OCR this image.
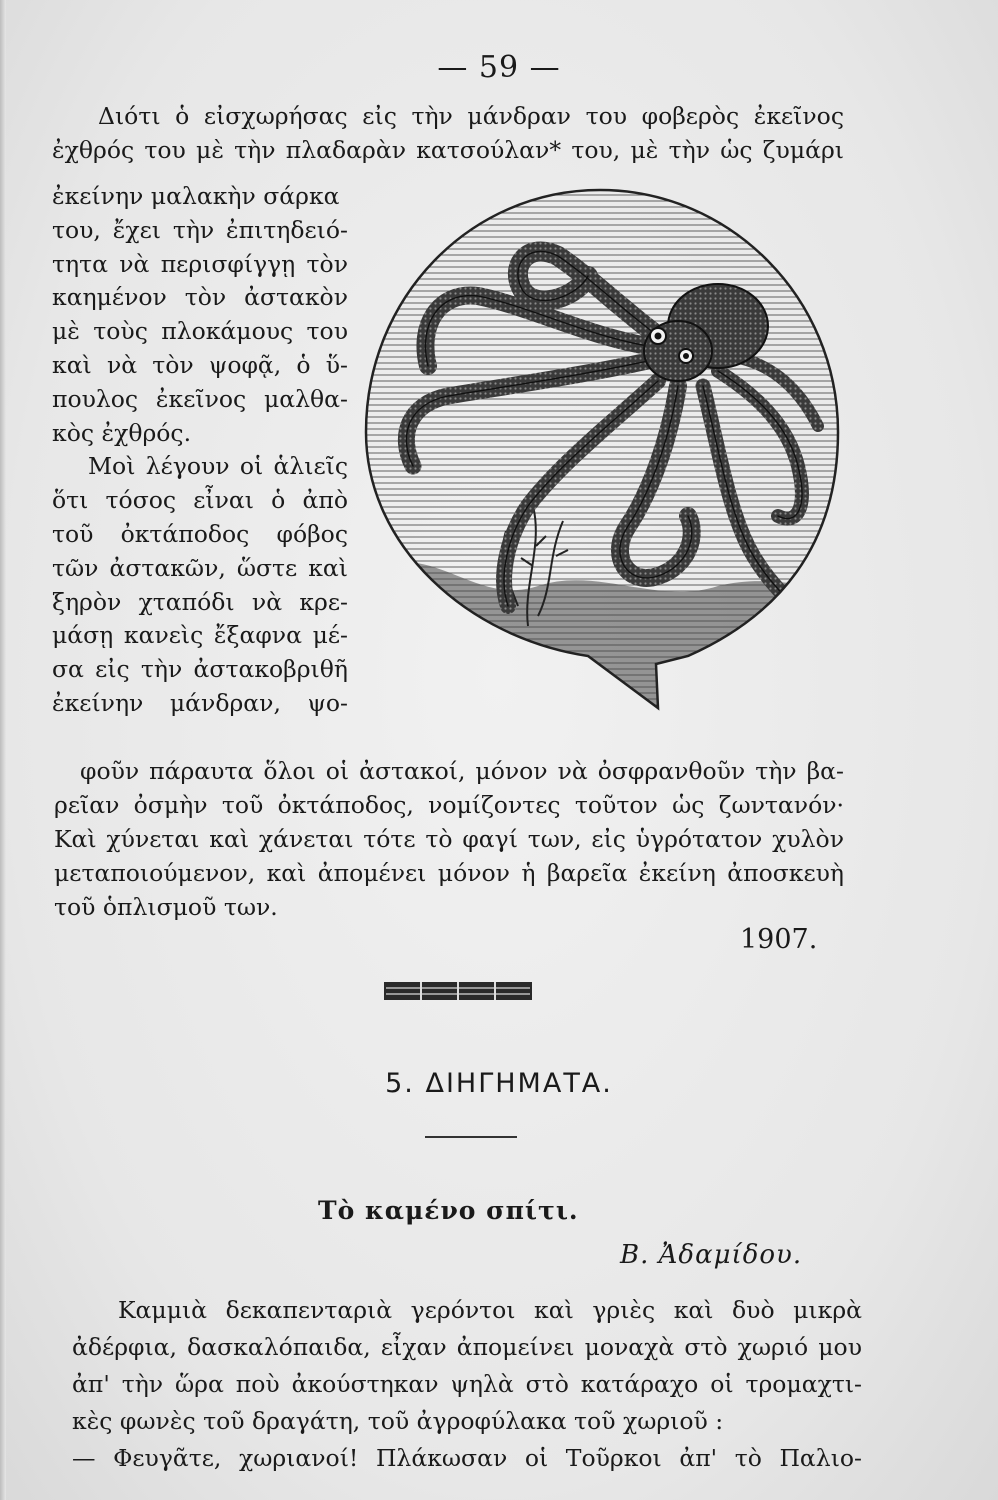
— 59 —
Διότι ὁ εἰσχωρήσας εἰς τὴν μάνδραν του φοβερὸς ἐκεῖνος
ἐχθρός του μὲ τὴν πλαδαρὰν κατσούλαν* του, μὲ τὴν ὡς ζυμάρι
ἐκείνην μαλακὴν σάρκα
του, ἔχει τὴν ἐπιτηδειό-
τητα νὰ περισφίγγῃ τὸν
καημένον τὸν ἀστακὸν
μὲ τοὺς πλοκάμους του
καὶ νὰ τὸν ψοφᾷ, ὁ ὕ-
πουλος ἐκεῖνος μαλθα-
κὸς ἐχθρός.
Μοὶ λέγουν οἱ ἁλιεῖς
ὅτι τόσος εἶναι ὁ ἀπὸ
τοῦ ὀκτάποδος φόβος
τῶν ἀστακῶν, ὥστε καὶ
ξηρὸν χταπόδι νὰ κρε-
μάσῃ κανεὶς ἔξαφνα μέ-
σα εἰς τὴν ἀστακοβριθῆ
ἐκείνην μάνδραν, ψο-
φοῦν πάραυτα ὅλοι οἱ ἀστακοί, μόνον νὰ ὀσφρανθοῦν τὴν βα-
ρεῖαν ὀσμὴν τοῦ ὀκτάποδος, νομίζοντες τοῦτον ὡς ζωντανόν·
Καὶ χύνεται καὶ χάνεται τότε τὸ φαγί των, εἰς ὑγρότατον χυλὸν
μεταποιούμενον, καὶ ἀπομένει μόνον ἡ βαρεῖα ἐκείνη ἀποσκευὴ
τοῦ ὁπλισμοῦ των.
1907.
5. ΔΙΗΓΗΜΑΤΑ.
Τὸ καμένο σπίτι.
Β. Ἀδαμίδου.
Καμμιὰ δεκαπενταριὰ γερόντοι καὶ γριὲς καὶ δυὸ μικρὰ
ἀδέρφια, δασκαλόπαιδα, εἶχαν ἀπομείνει μοναχὰ στὸ χωριό μου
ἀπ' τὴν ὥρα ποὺ ἀκούστηκαν ψηλὰ στὸ κατάραχο οἱ τρομαχτι-
κὲς φωνὲς τοῦ δραγάτη, τοῦ ἀγροφύλακα τοῦ χωριοῦ :
— Φευγᾶτε, χωριανοί! Πλάκωσαν οἱ Τοῦρκοι ἀπ' τὸ Παλιο-
